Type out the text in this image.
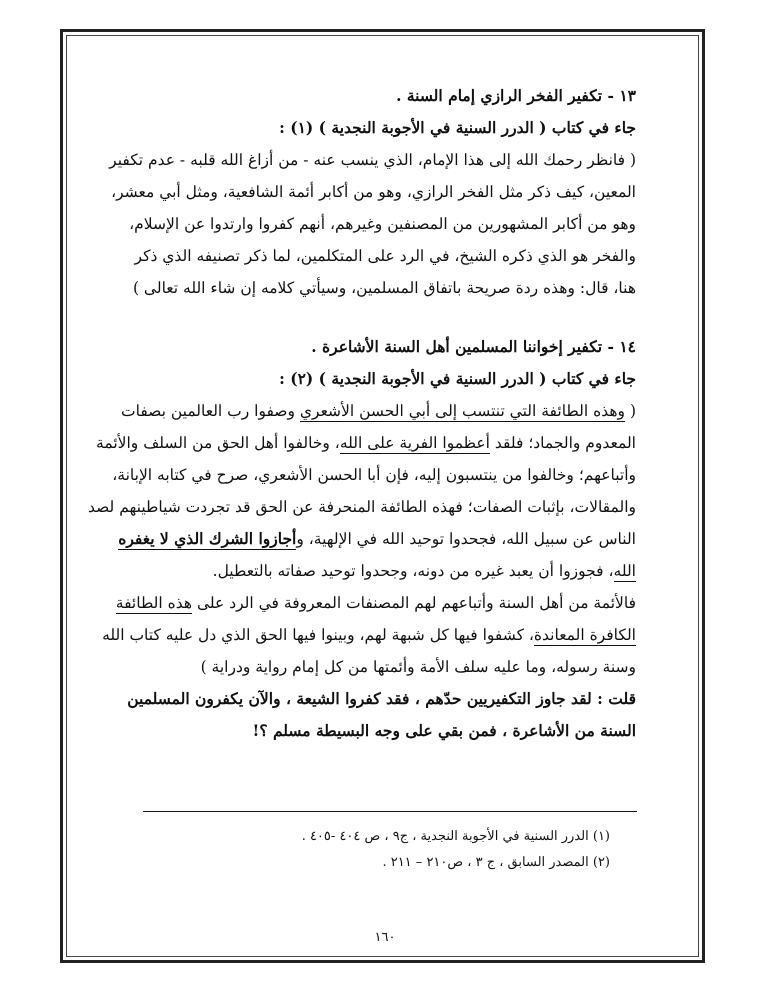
١٣ - تكفير الفخر الرازي إمام السنة .
جاء في كتاب ( الدرر السنية في الأجوبة النجدية ) (١) :
( فانظر رحمك الله إلى هذا الإمام، الذي ينسب عنه - من أزاغ الله قلبه - عدم تكفير
المعين، كيف ذكر مثل الفخر الرازي، وهو من أكابر أئمة الشافعية، ومثل أبي معشر،
وهو من أكابر المشهورين من المصنفين وغيرهم، أنهم كفروا وارتدوا عن الإسلام،
والفخر هو الذي ذكره الشيخ، في الرد على المتكلمين، لما ذكر تصنيفه الذي ذكر
هنا، قال: وهذه ردة صريحة باتفاق المسلمين، وسيأتي كلامه إن شاء الله تعالى )
١٤ - تكفير إخواننا المسلمين أهل السنة الأشاعرة .
جاء في كتاب ( الدرر السنية في الأجوبة النجدية ) (٢) :
( وهذه الطائفة التي تنتسب إلى أبي الحسن الأشعري وصفوا رب العالمين بصفات
المعدوم والجماد؛ فلقد أعظموا الفرية على الله، وخالفوا أهل الحق من السلف والأئمة
وأتباعهم؛ وخالفوا من ينتسبون إليه، فإن أبا الحسن الأشعري، صرح في كتابه الإبانة،
والمقالات، بإثبات الصفات؛ فهذه الطائفة المنحرفة عن الحق قد تجردت شياطينهم لصد
الناس عن سبيل الله، فجحدوا توحيد الله في الإلهية، وأجازوا الشرك الذي لا يغفره
الله، فجوزوا أن يعبد غيره من دونه، وجحدوا توحيد صفاته بالتعطيل.
فالأئمة من أهل السنة وأتباعهم لهم المصنفات المعروفة في الرد على هذه الطائفة
الكافرة المعاندة، كشفوا فيها كل شبهة لهم، وبينوا فيها الحق الذي دل عليه كتاب الله
وسنة رسوله، وما عليه سلف الأمة وأئمتها من كل إمام رواية ودراية )
قلت : لقد جاوز التكفيريين حدّهم ، فقد كفروا الشيعة ، والآن يكفرون المسلمين
السنة من الأشاعرة ، فمن بقي على وجه البسيطة مسلم ؟!
(١) الدرر السنية في الأجوبة النجدية ، ج٩ ، ص ٤٠٤ -٤٠٥ .
(٢) المصدر السابق ، ج ٣ ، ص٢١٠ – ٢١١ .
١٦٠
